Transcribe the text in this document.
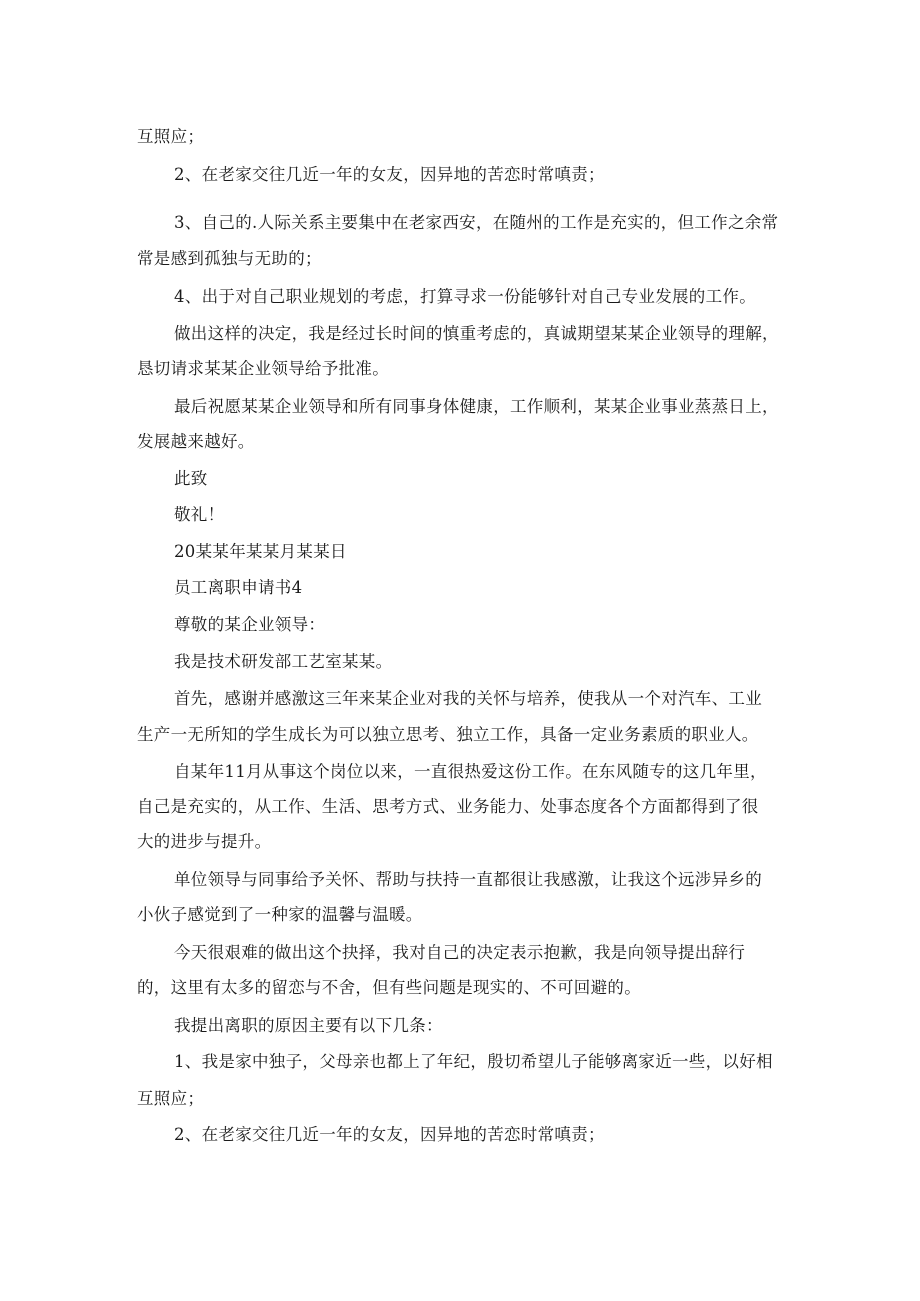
互照应；
2、在老家交往几近一年的女友，因异地的苦恋时常嗔责；
3、自己的.人际关系主要集中在老家西安，在随州的工作是充实的，但工作之余常
常是感到孤独与无助的；
4、出于对自己职业规划的考虑，打算寻求一份能够针对自己专业发展的工作。
做出这样的决定，我是经过长时间的慎重考虑的，真诚期望某某企业领导的理解，
恳切请求某某企业领导给予批准。
最后祝愿某某企业领导和所有同事身体健康，工作顺利，某某企业事业蒸蒸日上，
发展越来越好。
此致
敬礼！
20某某年某某月某某日
员工离职申请书4
尊敬的某企业领导：
我是技术研发部工艺室某某。
首先，感谢并感激这三年来某企业对我的关怀与培养，使我从一个对汽车、工业
生产一无所知的学生成长为可以独立思考、独立工作，具备一定业务素质的职业人。
自某年11月从事这个岗位以来，一直很热爱这份工作。在东风随专的这几年里，
自己是充实的，从工作、生活、思考方式、业务能力、处事态度各个方面都得到了很
大的进步与提升。
单位领导与同事给予关怀、帮助与扶持一直都很让我感激，让我这个远涉异乡的
小伙子感觉到了一种家的温馨与温暖。
今天很艰难的做出这个抉择，我对自己的决定表示抱歉，我是向领导提出辞行
的，这里有太多的留恋与不舍，但有些问题是现实的、不可回避的。
我提出离职的原因主要有以下几条：
1、我是家中独子，父母亲也都上了年纪，殷切希望儿子能够离家近一些，以好相
互照应；
2、在老家交往几近一年的女友，因异地的苦恋时常嗔责；
